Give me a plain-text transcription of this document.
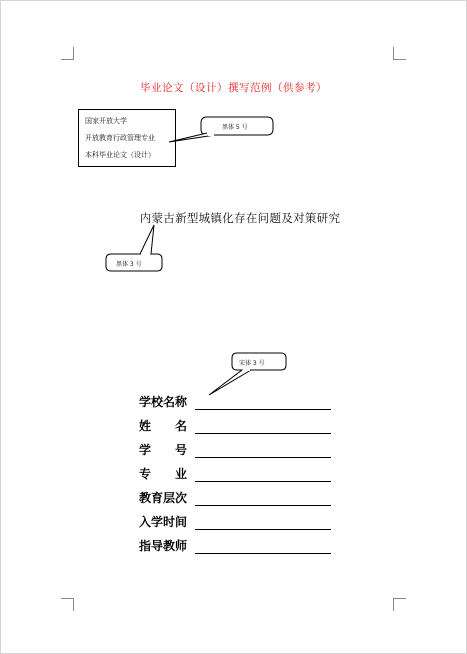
毕业论文（设计）撰写范例（供参考）
国家开放大学
开放教育行政管理专业
本科毕业论文（设计）
黑体 5 号
黑体 3 号
宋体 3 号
内蒙古新型城镇化存在问题及对策研究
学校名称
姓 名
学 号
专 业
教育层次
入学时间
指导教师
